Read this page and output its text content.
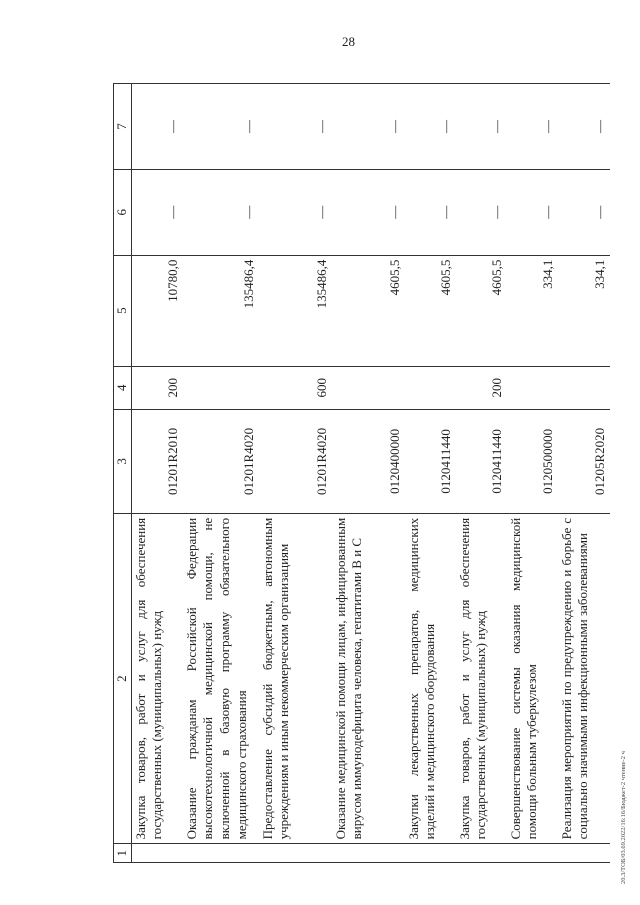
28
20.3/ТОБ/03.69.2022/16:16/Бюджет-2 чтение-2 ч
1	2	3	4	5	6	7
	Закупка товаров, работ и услуг для обеспечения государственных (муниципальных) нужд	01201R2010	200	10780,0	—	—
	Оказание гражданам Российской Федерации высокотехнологичной медицинской помощи, не включенной в базовую программу обязательного медицинского страхования	01201R4020		135486,4	—	—
	Предоставление субсидий бюджетным, автономным учреждениям и иным некоммерческим организациям	01201R4020	600	135486,4	—	—
	Оказание медицинской помощи лицам, инфицированным вирусом иммунодефицита человека, гепатитами B и C	0120400000		4605,5	—	—
	Закупки лекарственных препаратов, медицинских изделий и медицинского оборудования	0120411440		4605,5	—	—
	Закупка товаров, работ и услуг для обеспечения государственных (муниципальных) нужд	0120411440	200	4605,5	—	—
	Совершенствование системы оказания медицинской помощи больным туберкулезом	0120500000		334,1	—	—
	Реализация мероприятий по предупреждению и борьбе с социально значимыми инфекционными заболеваниями	01205R2020		334,1	—	—
